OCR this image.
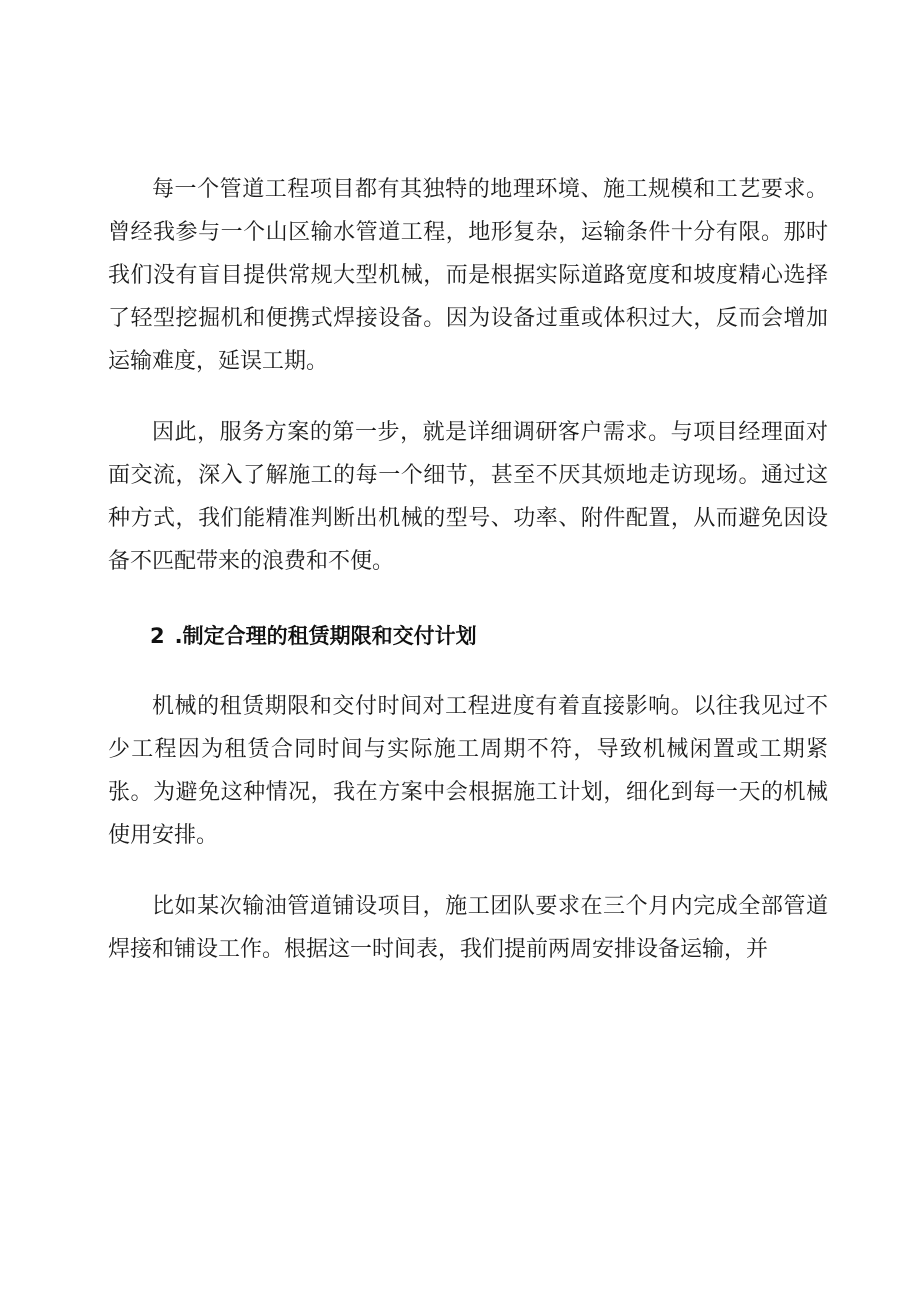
每一个管道工程项目都有其独特的地理环境、施工规模和工艺要求。曾经我参与一个山区输水管道工程，地形复杂，运输条件十分有限。那时我们没有盲目提供常规大型机械，而是根据实际道路宽度和坡度精心选择了轻型挖掘机和便携式焊接设备。因为设备过重或体积过大，反而会增加运输难度，延误工期。

因此，服务方案的第一步，就是详细调研客户需求。与项目经理面对面交流，深入了解施工的每一个细节，甚至不厌其烦地走访现场。通过这种方式，我们能精准判断出机械的型号、功率、附件配置，从而避免因设备不匹配带来的浪费和不便。

2 .制定合理的租赁期限和交付计划

机械的租赁期限和交付时间对工程进度有着直接影响。以往我见过不少工程因为租赁合同时间与实际施工周期不符，导致机械闲置或工期紧张。为避免这种情况，我在方案中会根据施工计划，细化到每一天的机械使用安排。

比如某次输油管道铺设项目，施工团队要求在三个月内完成全部管道焊接和铺设工作。根据这一时间表，我们提前两周安排设备运输，并
